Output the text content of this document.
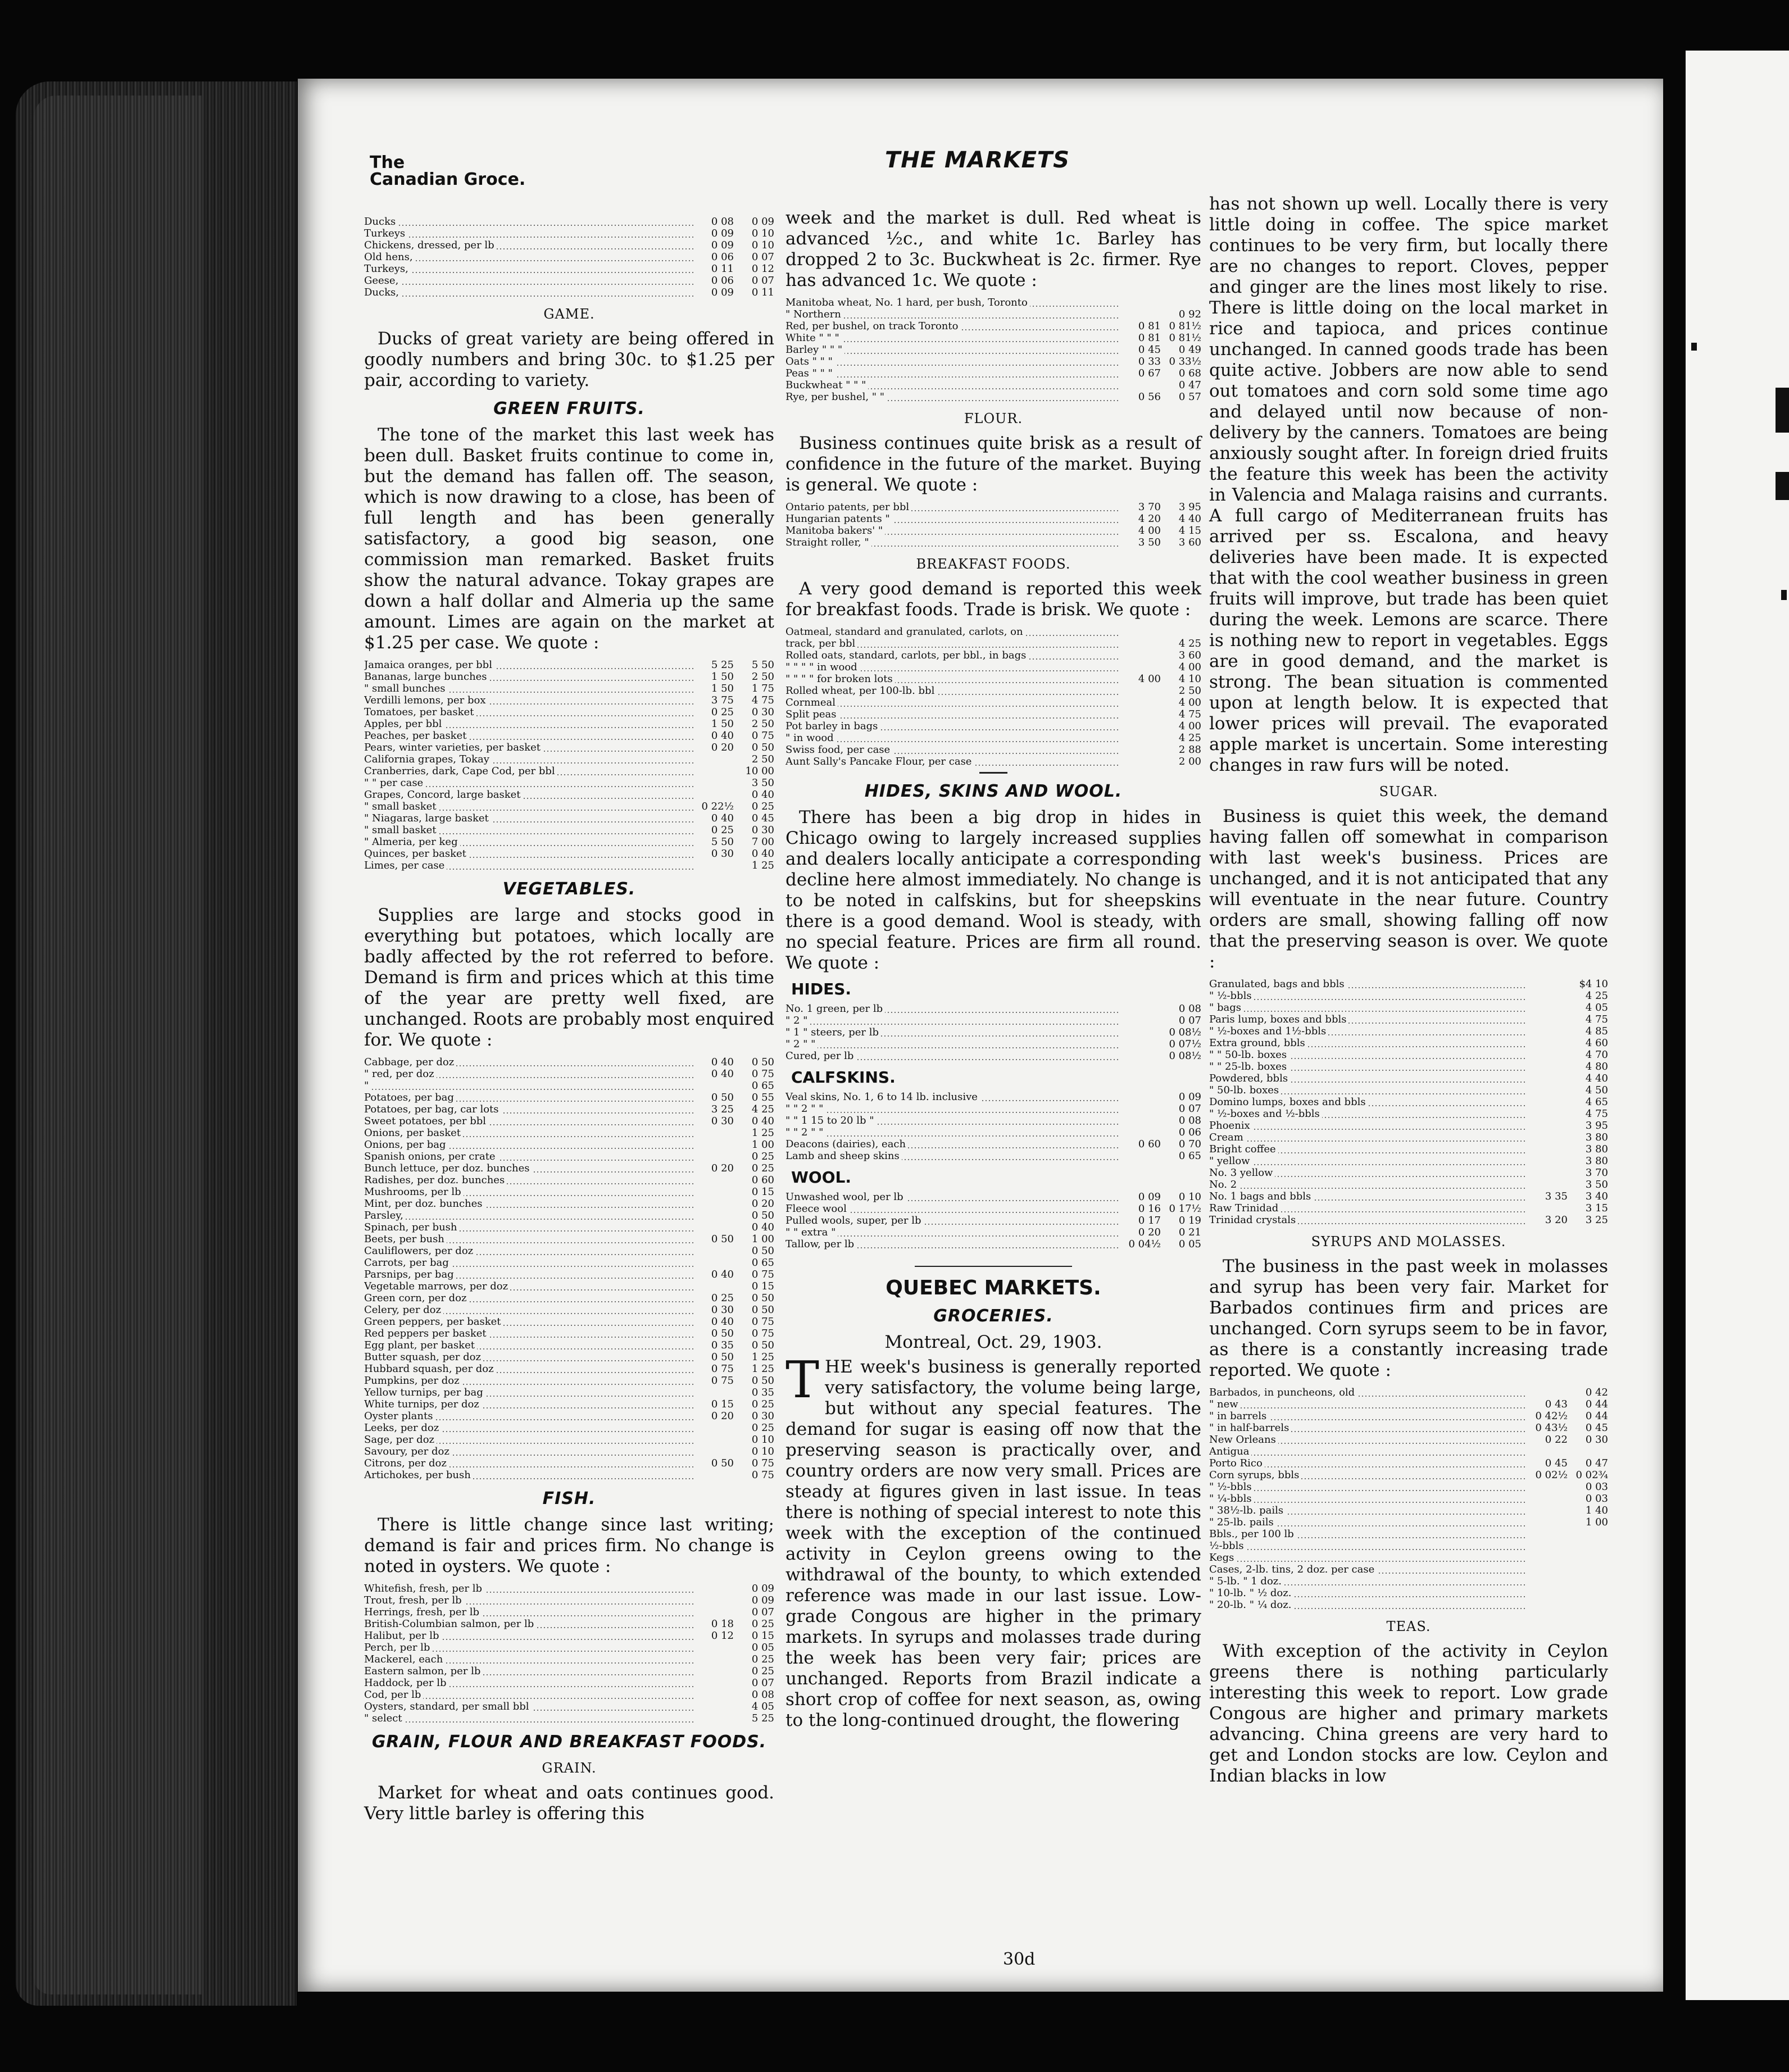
The
Canadian Groce.
THE MARKETS
Ducks	0 08	0 09
Turkeys	0 09	0 10
Chickens, dressed, per lb	0 09	0 10
Old hens,	0 06	0 07
Turkeys,	0 11	0 12
Geese,	0 06	0 07
Ducks,	0 09	0 11
GAME.

Ducks of great variety are being offered in goodly numbers and bring 30c. to $1.25 per pair, according to variety.

GREEN FRUITS.

The tone of the market this last week has been dull. Basket fruits continue to come in, but the demand has fallen off. The season, which is now drawing to a close, has been of full length and has been generally satisfactory, a good big season, one commission man remarked. Basket fruits show the natural advance. Tokay grapes are down a half dollar and Almeria up the same amount. Limes are again on the market at $1.25 per case. We quote :

Jamaica oranges, per bbl	5 25	5 50
Bananas, large bunches	1 50	2 50
" small bunches	1 50	1 75
Verdilli lemons, per box	3 75	4 75
Tomatoes, per basket	0 25	0 30
Apples, per bbl	1 50	2 50
Peaches, per basket	0 40	0 75
Pears, winter varieties, per basket	0 20	0 50
California grapes, Tokay		2 50
Cranberries, dark, Cape Cod, per bbl		10 00
" " per case		3 50
Grapes, Concord, large basket		0 40
" small basket	0 22½	0 25
" Niagaras, large basket	0 40	0 45
" small basket	0 25	0 30
" Almeria, per keg	5 50	7 00
Quinces, per basket	0 30	0 40
Limes, per case		1 25
VEGETABLES.

Supplies are large and stocks good in everything but potatoes, which locally are badly affected by the rot referred to before. Demand is firm and prices which at this time of the year are pretty well fixed, are unchanged. Roots are probably most enquired for. We quote :

Cabbage, per doz	0 40	0 50
" red, per doz	0 40	0 75
"		0 65
Potatoes, per bag	0 50	0 55
Potatoes, per bag, car lots	3 25	4 25
Sweet potatoes, per bbl	0 30	0 40
Onions, per basket		1 25
Onions, per bag		1 00
Spanish onions, per crate		0 25
Bunch lettuce, per doz. bunches	0 20	0 25
Radishes, per doz. bunches		0 60
Mushrooms, per lb		0 15
Mint, per doz. bunches		0 20
Parsley,		0 50
Spinach, per bush		0 40
Beets, per bush	0 50	1 00
Cauliflowers, per doz		0 50
Carrots, per bag		0 65
Parsnips, per bag	0 40	0 75
Vegetable marrows, per doz		0 15
Green corn, per doz	0 25	0 50
Celery, per doz	0 30	0 50
Green peppers, per basket	0 40	0 75
Red peppers per basket	0 50	0 75
Egg plant, per basket	0 35	0 50
Butter squash, per doz	0 50	1 25
Hubbard squash, per doz	0 75	1 25
Pumpkins, per doz	0 75	0 50
Yellow turnips, per bag		0 35
White turnips, per doz	0 15	0 25
Oyster plants	0 20	0 30
Leeks, per doz		0 25
Sage, per doz		0 10
Savoury, per doz		0 10
Citrons, per doz	0 50	0 75
Artichokes, per bush		0 75
FISH.

There is little change since last writing; demand is fair and prices firm. No change is noted in oysters. We quote :

Whitefish, fresh, per lb		0 09
Trout, fresh, per lb		0 09
Herrings, fresh, per lb		0 07
British-Columbian salmon, per lb	0 18	0 25
Halibut, per lb	0 12	0 15
Perch, per lb		0 05
Mackerel, each		0 25
Eastern salmon, per lb		0 25
Haddock, per lb		0 07
Cod, per lb		0 08
Oysters, standard, per small bbl		4 05
" select		5 25
GRAIN, FLOUR AND BREAKFAST FOODS.
GRAIN.

Market for wheat and oats continues good. Very little barley is offering this

week and the market is dull. Red wheat is advanced ½c., and white 1c. Barley has dropped 2 to 3c. Buckwheat is 2c. firmer. Rye has advanced 1c. We quote :

Manitoba wheat, No. 1 hard, per bush, Toronto		
" Northern		0 92
Red, per bushel, on track Toronto	0 81	0 81½
White " " "	0 81	0 81½
Barley " " "	0 45	0 49
Oats " " "	0 33	0 33½
Peas " " "	0 67	0 68
Buckwheat " " "		0 47
Rye, per bushel, " "	0 56	0 57
FLOUR.

Business continues quite brisk as a result of confidence in the future of the market. Buying is general. We quote :

Ontario patents, per bbl	3 70	3 95
Hungarian patents "	4 20	4 40
Manitoba bakers' "	4 00	4 15
Straight roller, "	3 50	3 60
BREAKFAST FOODS.

A very good demand is reported this week for breakfast foods. Trade is brisk. We quote :

Oatmeal, standard and granulated, carlots, on		
track, per bbl		4 25
Rolled oats, standard, carlots, per bbl., in bags		3 60
" " " " in wood		4 00
" " " " for broken lots	4 00	4 10
Rolled wheat, per 100-lb. bbl		2 50
Cornmeal		4 00
Split peas		4 75
Pot barley in bags		4 00
" in wood		4 25
Swiss food, per case		2 88
Aunt Sally's Pancake Flour, per case		2 00
HIDES, SKINS AND WOOL.

There has been a big drop in hides in Chicago owing to largely increased supplies and dealers locally anticipate a corresponding decline here almost immediately. No change is to be noted in calfskins, but for sheepskins there is a good demand. Wool is steady, with no special feature. Prices are firm all round. We quote :

HIDES.
No. 1 green, per lb		0 08
" 2 "		0 07
" 1 " steers, per lb		0 08½
" 2 " "		0 07½
Cured, per lb		0 08½
CALFSKINS.
Veal skins, No. 1, 6 to 14 lb. inclusive		0 09
" " 2 " "		0 07
" " 1 15 to 20 lb "		0 08
" " 2 " "		0 06
Deacons (dairies), each	0 60	0 70
Lamb and sheep skins		0 65
WOOL.
Unwashed wool, per lb	0 09	0 10
Fleece wool	0 16	0 17½
Pulled wools, super, per lb	0 17	0 19
" " extra "	0 20	0 21
Tallow, per lb	0 04½	0 05
QUEBEC MARKETS.
GROCERIES.
Montreal, Oct. 29, 1903.

THE week's business is generally reported very satisfactory, the volume being large, but without any special features. The demand for sugar is easing off now that the preserving season is practically over, and country orders are now very small. Prices are steady at figures given in last issue. In teas there is nothing of special interest to note this week with the exception of the continued activity in Ceylon greens owing to the withdrawal of the bounty, to which extended reference was made in our last issue. Low-grade Congous are higher in the primary markets. In syrups and molasses trade during the week has been very fair; prices are unchanged. Reports from Brazil indicate a short crop of coffee for next season, as, owing to the long-continued drought, the flowering

has not shown up well. Locally there is very little doing in coffee. The spice market continues to be very firm, but locally there are no changes to report. Cloves, pepper and ginger are the lines most likely to rise. There is little doing on the local market in rice and tapioca, and prices continue unchanged. In canned goods trade has been quite active. Jobbers are now able to send out tomatoes and corn sold some time ago and delayed until now because of non-delivery by the canners. Tomatoes are being anxiously sought after. In foreign dried fruits the feature this week has been the activity in Valencia and Malaga raisins and currants. A full cargo of Mediterranean fruits has arrived per ss. Escalona, and heavy deliveries have been made. It is expected that with the cool weather business in green fruits will improve, but trade has been quiet during the week. Lemons are scarce. There is nothing new to report in vegetables. Eggs are in good demand, and the market is strong. The bean situation is commented upon at length below. It is expected that lower prices will prevail. The evaporated apple market is uncertain. Some interesting changes in raw furs will be noted.

SUGAR.

Business is quiet this week, the demand having fallen off somewhat in comparison with last week's business. Prices are unchanged, and it is not anticipated that any will eventuate in the near future. Country orders are small, showing falling off now that the preserving season is over. We quote :

Granulated, bags and bbls		$4 10
" ½-bbls		4 25
" bags		4 05
Paris lump, boxes and bbls		4 75
" ½-boxes and 1½-bbls		4 85
Extra ground, bbls		4 60
" " 50-lb. boxes		4 70
" " 25-lb. boxes		4 80
Powdered, bbls		4 40
" 50-lb. boxes		4 50
Domino lumps, boxes and bbls		4 65
" ½-boxes and ½-bbls		4 75
Phoenix		3 95
Cream		3 80
Bright coffee		3 80
" yellow		3 80
No. 3 yellow		3 70
No. 2		3 50
No. 1 bags and bbls	3 35	3 40
Raw Trinidad		3 15
Trinidad crystals	3 20	3 25
SYRUPS AND MOLASSES.

The business in the past week in molasses and syrup has been very fair. Market for Barbados continues firm and prices are unchanged. Corn syrups seem to be in favor, as there is a constantly increasing trade reported. We quote :

Barbados, in puncheons, old		0 42
" new	0 43	0 44
" in barrels	0 42½	0 44
" in half-barrels	0 43½	0 45
New Orleans	0 22	0 30
Antigua		
Porto Rico	0 45	0 47
Corn syrups, bbls	0 02½	0 02¾
" ½-bbls		0 03
" ¼-bbls		0 03
" 38½-lb. pails		1 40
" 25-lb. pails		1 00
Bbls., per 100 lb		
½-bbls		
Kegs		
Cases, 2-lb. tins, 2 doz. per case		
" 5-lb. " 1 doz.		
" 10-lb. " ½ doz.		
" 20-lb. " ¼ doz.		
TEAS.

With exception of the activity in Ceylon greens there is nothing particularly interesting this week to report. Low grade Congous are higher and primary markets advancing. China greens are very hard to get and London stocks are low. Ceylon and Indian blacks in low

30d
